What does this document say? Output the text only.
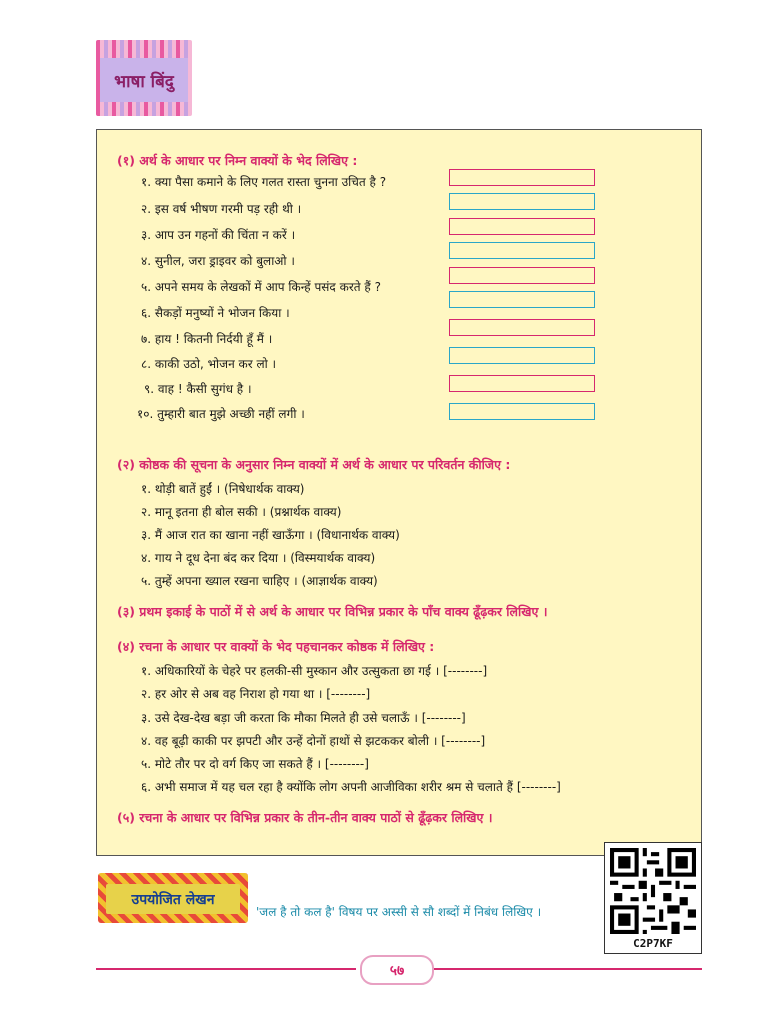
भाषा बिंदु
(१) अर्थ के आधार पर निम्न वाक्यों के भेद लिखिए :
१. क्या पैसा कमाने के लिए गलत रास्ता चुनना उचित है ?
२. इस वर्ष भीषण गरमी पड़ रही थी ।
३. आप उन गहनों की चिंता न करें ।
४. सुनील, जरा ड्राइवर को बुलाओ ।
५. अपने समय के लेखकों में आप किन्हें पसंद करते हैं ?
६. सैकड़ों मनुष्यों ने भोजन किया ।
७. हाय ! कितनी निर्दयी हूँ मैं ।
८. काकी उठो, भोजन कर लो ।
९. वाह ! कैसी सुगंध है ।
१०. तुम्हारी बात मुझे अच्छी नहीं लगी ।
(२) कोष्ठक की सूचना के अनुसार निम्न वाक्यों में अर्थ के आधार पर परिवर्तन कीजिए :
१. थोड़ी बातें हुईं । (निषेधार्थक वाक्य)
२. मानू इतना ही बोल सकी । (प्रश्नार्थक वाक्य)
३. मैं आज रात का खाना नहीं खाऊँगा । (विधानार्थक वाक्य)
४. गाय ने दूध देना बंद कर दिया । (विस्मयार्थक वाक्य)
५. तुम्हें अपना ख्याल रखना चाहिए । (आज्ञार्थक वाक्य)
(३) प्रथम इकाई के पाठों में से अर्थ के आधार पर विभिन्न प्रकार के पाँच वाक्य ढूँढ़कर लिखिए ।
(४) रचना के आधार पर वाक्यों के भेद पहचानकर कोष्ठक में लिखिए :
१. अधिकारियों के चेहरे पर हलकी-सी मुस्कान और उत्सुकता छा गई । [--------]
२. हर ओर से अब वह निराश हो गया था । [--------]
३. उसे देख-देख बड़ा जी करता कि मौका मिलते ही उसे चलाऊँ । [--------]
४. वह बूढ़ी काकी पर झपटी और उन्हें दोनों हाथों से झटककर बोली । [--------]
५. मोटे तौर पर दो वर्ग किए जा सकते हैं । [--------]
६. अभी समाज में यह चल रहा है क्योंकि लोग अपनी आजीविका शरीर श्रम से चलाते हैं [--------]
(५) रचना के आधार पर विभिन्न प्रकार के तीन-तीन वाक्य पाठों से ढूँढ़कर लिखिए ।
C2P7KF
उपयोजित लेखन
'जल है तो कल है' विषय पर अस्सी से सौ शब्दों में निबंध लिखिए ।
५७
